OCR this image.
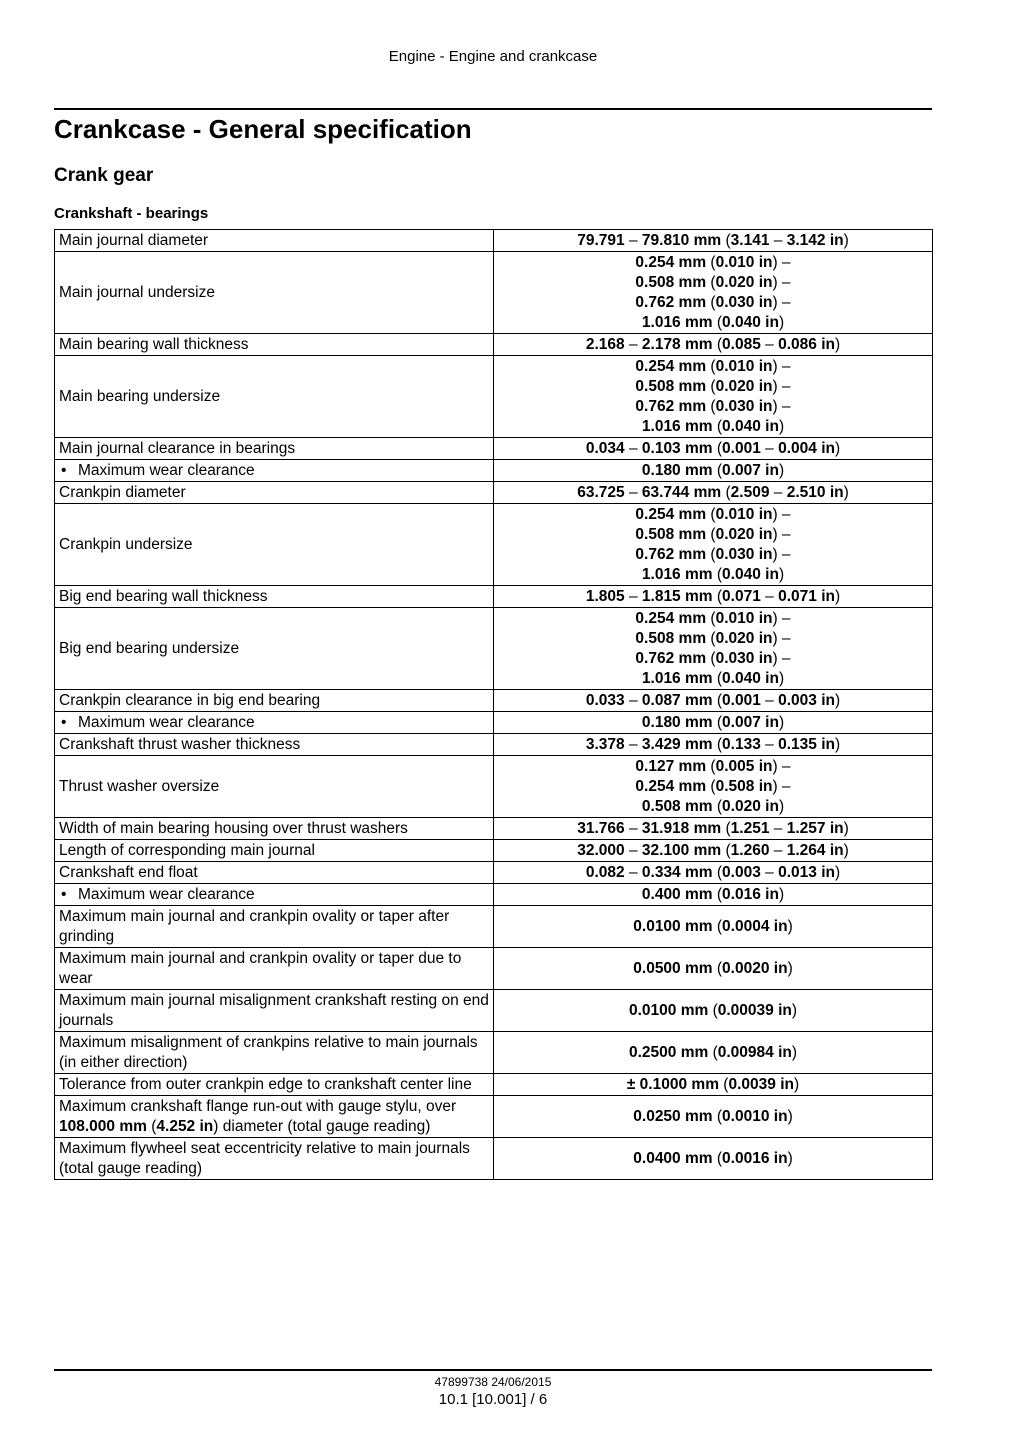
Engine - Engine and crankcase
Crankcase - General specification
Crank gear
Crankshaft - bearings
Main journal diameter	79.791 – 79.810 mm (3.141 – 3.142 in)

Main journal undersize	0.254 mm (0.010 in) –
0.508 mm (0.020 in) –
0.762 mm (0.030 in) –
1.016 mm (0.040 in)

Main bearing wall thickness	2.168 – 2.178 mm (0.085 – 0.086 in)

Main bearing undersize	0.254 mm (0.010 in) –
0.508 mm (0.020 in) –
0.762 mm (0.030 in) –
1.016 mm (0.040 in)

Main journal clearance in bearings	0.034 – 0.103 mm (0.001 – 0.004 in)

• Maximum wear clearance	0.180 mm (0.007 in)

Crankpin diameter	63.725 – 63.744 mm (2.509 – 2.510 in)

Crankpin undersize	0.254 mm (0.010 in) –
0.508 mm (0.020 in) –
0.762 mm (0.030 in) –
1.016 mm (0.040 in)

Big end bearing wall thickness	1.805 – 1.815 mm (0.071 – 0.071 in)

Big end bearing undersize	0.254 mm (0.010 in) –
0.508 mm (0.020 in) –
0.762 mm (0.030 in) –
1.016 mm (0.040 in)

Crankpin clearance in big end bearing	0.033 – 0.087 mm (0.001 – 0.003 in)

• Maximum wear clearance	0.180 mm (0.007 in)

Crankshaft thrust washer thickness	3.378 – 3.429 mm (0.133 – 0.135 in)

Thrust washer oversize	0.127 mm (0.005 in) –
0.254 mm (0.508 in) –
0.508 mm (0.020 in)

Width of main bearing housing over thrust washers	31.766 – 31.918 mm (1.251 – 1.257 in)

Length of corresponding main journal	32.000 – 32.100 mm (1.260 – 1.264 in)

Crankshaft end float	0.082 – 0.334 mm (0.003 – 0.013 in)

• Maximum wear clearance	0.400 mm (0.016 in)

Maximum main journal and crankpin ovality or taper after grinding	0.0100 mm (0.0004 in)

Maximum main journal and crankpin ovality or taper due to wear	0.0500 mm (0.0020 in)

Maximum main journal misalignment crankshaft resting on end journals	0.0100 mm (0.00039 in)

Maximum misalignment of crankpins relative to main journals (in either direction)	0.2500 mm (0.00984 in)

Tolerance from outer crankpin edge to crankshaft center line	± 0.1000 mm (0.0039 in)

Maximum crankshaft flange run-out with gauge stylu, over 108.000 mm (4.252 in) diameter (total gauge reading)	0.0250 mm (0.0010 in)

Maximum flywheel seat eccentricity relative to main journals (total gauge reading)	0.0400 mm (0.0016 in)
47899738 24/06/2015
10.1 [10.001] / 6
